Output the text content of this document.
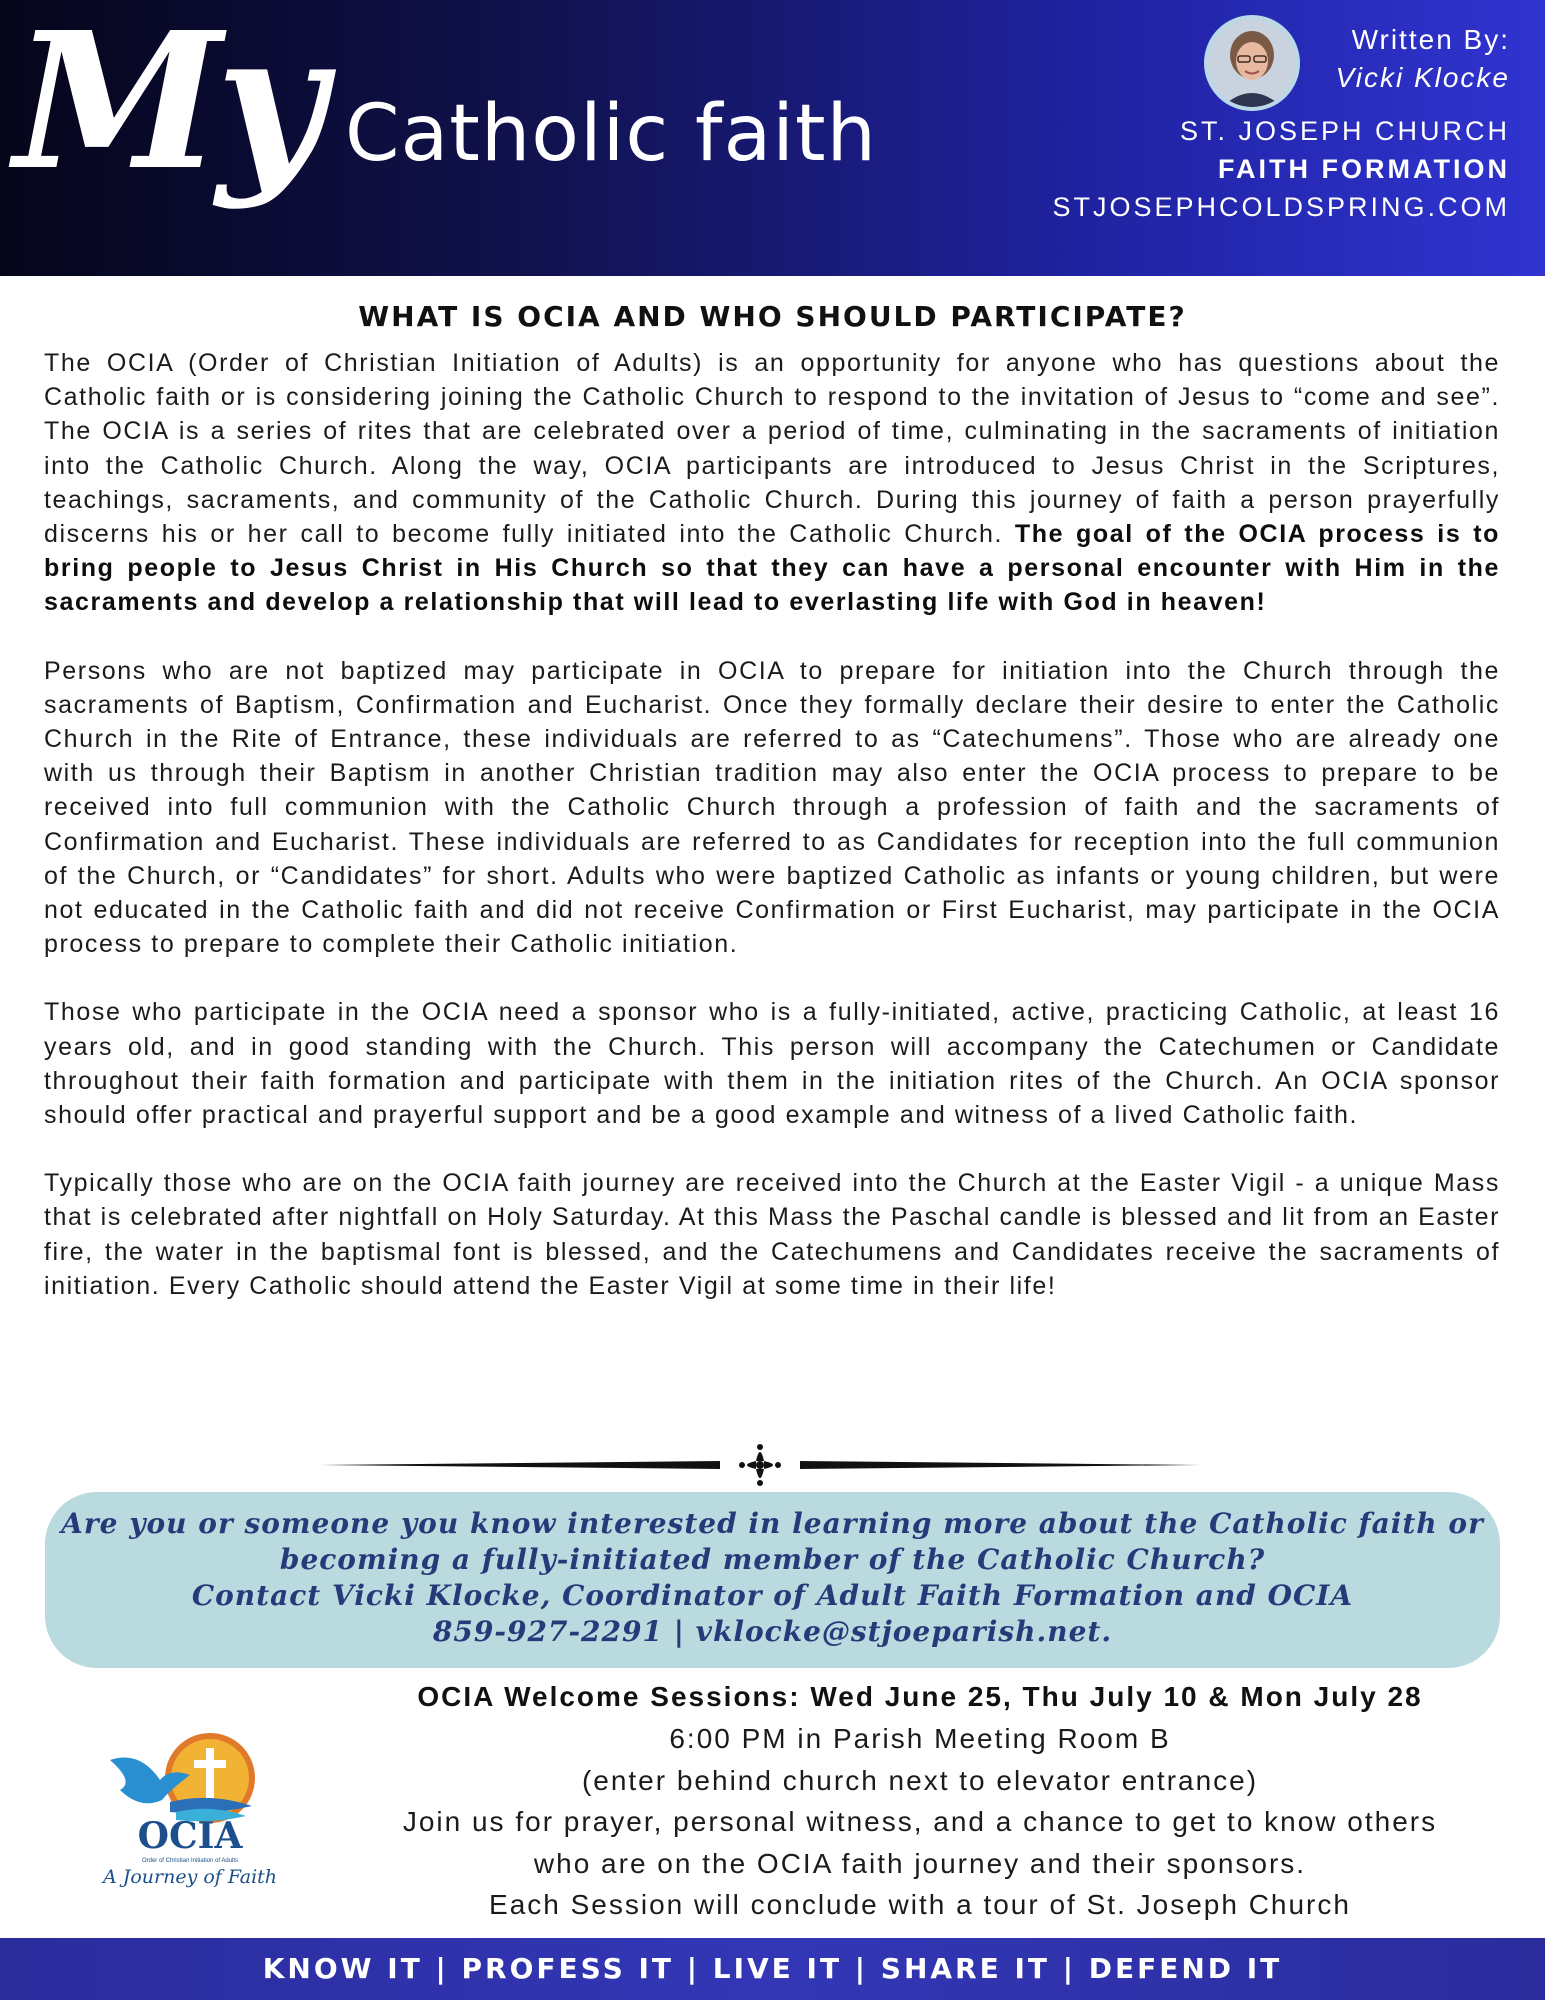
My Catholic faith
Written By:
Vicki Klocke
ST. JOSEPH CHURCH
FAITH FORMATION
STJOSEPHCOLDSPRING.COM
WHAT IS OCIA AND WHO SHOULD PARTICIPATE?

The OCIA (Order of Christian Initiation of Adults) is an opportunity for anyone who has questions about the Catholic faith or is considering joining the Catholic Church to respond to the invitation of Jesus to “come and see”. The OCIA is a series of rites that are celebrated over a period of time, culminating in the sacraments of initiation into the Catholic Church. Along the way, OCIA participants are introduced to Jesus Christ in the Scriptures, teachings, sacraments, and community of the Catholic Church. During this journey of faith a person prayerfully discerns his or her call to become fully initiated into the Catholic Church. The goal of the OCIA process is to bring people to Jesus Christ in His Church so that they can have a personal encounter with Him in the sacraments and develop a relationship that will lead to everlasting life with God in heaven!

Persons who are not baptized may participate in OCIA to prepare for initiation into the Church through the sacraments of Baptism, Confirmation and Eucharist. Once they formally declare their desire to enter the Catholic Church in the Rite of Entrance, these individuals are referred to as “Catechumens”. Those who are already one with us through their Baptism in another Christian tradition may also enter the OCIA process to prepare to be received into full communion with the Catholic Church through a profession of faith and the sacraments of Confirmation and Eucharist. These individuals are referred to as Candidates for reception into the full communion of the Church, or “Candidates” for short. Adults who were baptized Catholic as infants or young children, but were not educated in the Catholic faith and did not receive Confirmation or First Eucharist, may participate in the OCIA process to prepare to complete their Catholic initiation.

Those who participate in the OCIA need a sponsor who is a fully-initiated, active, practicing Catholic, at least 16 years old, and in good standing with the Church. This person will accompany the Catechumen or Candidate throughout their faith formation and participate with them in the initiation rites of the Church. An OCIA sponsor should offer practical and prayerful support and be a good example and witness of a lived Catholic faith.

Typically those who are on the OCIA faith journey are received into the Church at the Easter Vigil - a unique Mass that is celebrated after nightfall on Holy Saturday. At this Mass the Paschal candle is blessed and lit from an Easter fire, the water in the baptismal font is blessed, and the Catechumens and Candidates receive the sacraments of initiation. Every Catholic should attend the Easter Vigil at some time in their life!

Are you or someone you know interested in learning more about the Catholic faith or
becoming a fully-initiated member of the Catholic Church?
Contact Vicki Klocke, Coordinator of Adult Faith Formation and OCIA
859-927-2291 | vklocke@stjoeparish.net.
OCIA
Order of Christian Initiation of Adults
A Journey of Faith
OCIA Welcome Sessions: Wed June 25, Thu July 10 & Mon July 28
6:00 PM in Parish Meeting Room B
(enter behind church next to elevator entrance)
Join us for prayer, personal witness, and a chance to get to know others
who are on the OCIA faith journey and their sponsors.
Each Session will conclude with a tour of St. Joseph Church
KNOW IT | PROFESS IT | LIVE IT | SHARE IT | DEFEND IT
